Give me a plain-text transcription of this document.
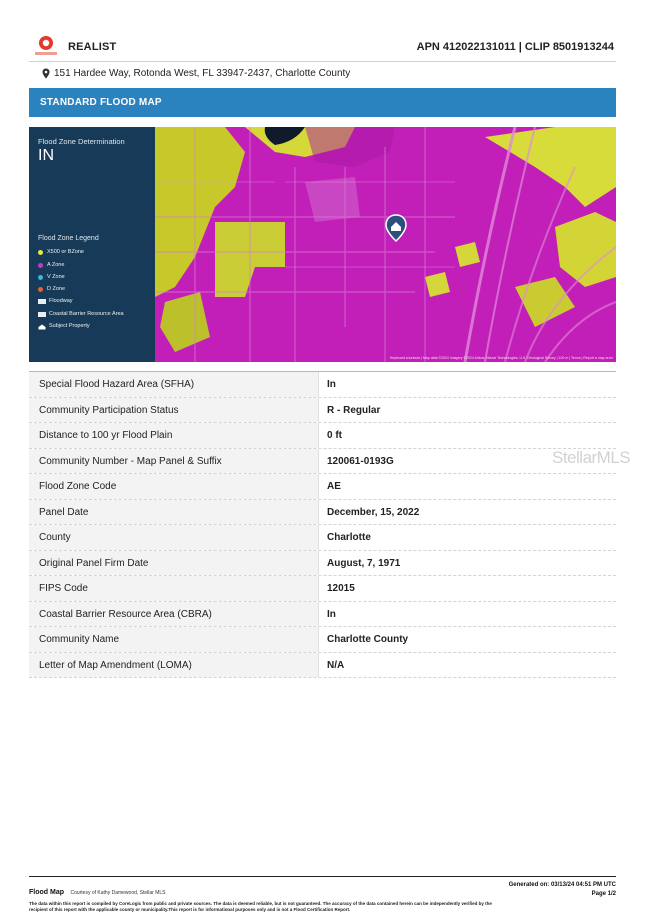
REALIST	APN 412022131011 | CLIP 8501913244
151 Hardee Way, Rotonda West, FL 33947-2437, Charlotte County
STANDARD FLOOD MAP
Flood Zone Determination
IN
Flood Zone Legend
X500 or BZone
A Zone
V Zone
D Zone
Floodway
Coastal Barrier Resource Area
Subject Property
Keyboard shortcuts | Map data ©2024 Imagery ©2024 Airbus, Maxar Technologies, U.S. Geological Survey | 100 m | Terms | Report a map error
Special Flood Hazard Area (SFHA)	In
Community Participation Status	R - Regular
Distance to 100 yr Flood Plain	0 ft
Community Number - Map Panel & Suffix	120061-0193G
Flood Zone Code	AE
Panel Date	December, 15, 2022
County	Charlotte
Original Panel Firm Date	August, 7, 1971
FIPS Code	12015
Coastal Barrier Resource Area (CBRA)	In
Community Name	Charlotte County
Letter of Map Amendment (LOMA)	N/A
StellarMLS
Flood Map Courtesy of Kathy Damewood, Stellar MLS
Generated on: 03/13/24 04:51 PM UTC
Page 1/2
The data within this report is compiled by CoreLogic from public and private sources. The data is deemed reliable, but is not guaranteed. The accuracy of the data contained herein can be independently verified by the recipient of this report with the applicable county or municipality.This report is for informational purposes only and is not a Flood Certification Report.
